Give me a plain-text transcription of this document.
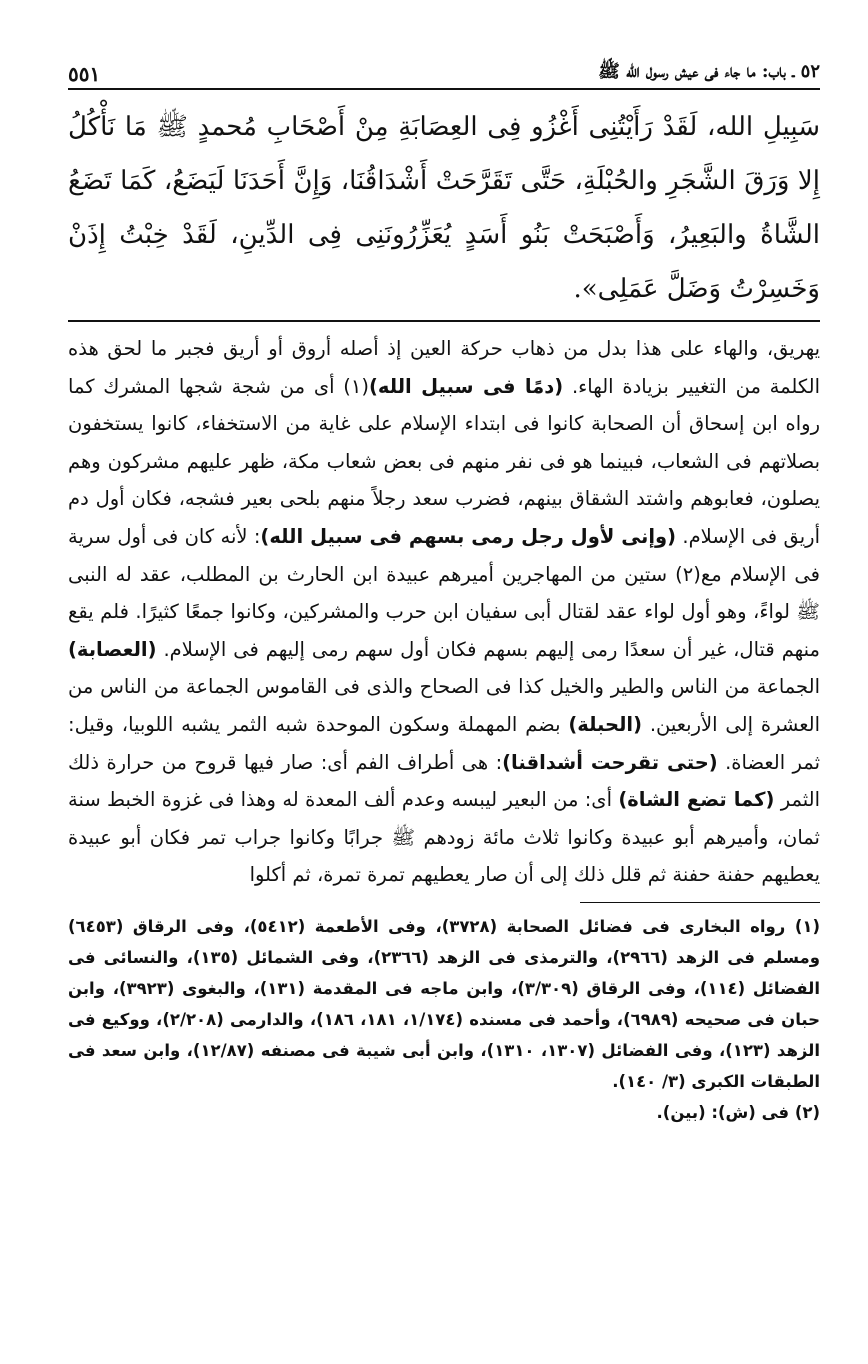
٥٥١	٥٢ ـ باب: ما جاء فى عيش رسول الله ﷺ
سَبِيلِ الله، لَقَدْ رَأَيْتُنِى أَغْزُو فِى العِصَابَةِ مِنْ أَصْحَابِ مُحمدٍ ﷺ مَا نَأْكُلُ إِلا وَرَقَ الشَّجَرِ والحُبْلَةِ، حَتَّى تَقَرَّحَتْ أَشْدَاقُنَا، وَإِنَّ أَحَدَنَا لَيَضَعُ، كَمَا تَضَعُ الشَّاةُ والبَعِيرُ، وَأَصْبَحَتْ بَنُو أَسَدٍ يُعَزِّرُونَنِى فِى الدِّينِ، لَقَدْ خِبْتُ إِذَنْ وَخَسِرْتُ وَضَلَّ عَمَلِى».
يهريق، والهاء على هذا بدل من ذهاب حركة العين إذ أصله أروق أو أريق فجبر ما لحق هذه الكلمة من التغيير بزيادة الهاء. (دمًا فى سبيل الله)(١) أى من شجة شجها المشرك كما رواه ابن إسحاق أن الصحابة كانوا فى ابتداء الإسلام على غاية من الاستخفاء، كانوا يستخفون بصلاتهم فى الشعاب، فبينما هو فى نفر منهم فى بعض شعاب مكة، ظهر عليهم مشركون وهم يصلون، فعابوهم واشتد الشقاق بينهم، فضرب سعد رجلاً منهم بلحى بعير فشجه، فكان أول دم أريق فى الإسلام. (وإنى لأول رجل رمى بسهم فى سبيل الله): لأنه كان فى أول سرية فى الإسلام مع(٢) ستين من المهاجرين أميرهم عبيدة ابن الحارث بن المطلب، عقد له النبى ﷺ لواءً، وهو أول لواء عقد لقتال أبى سفيان ابن حرب والمشركين، وكانوا جمعًا كثيرًا. فلم يقع منهم قتال، غير أن سعدًا رمى إليهم بسهم فكان أول سهم رمى إليهم فى الإسلام. (العصابة) الجماعة من الناس والطير والخيل كذا فى الصحاح والذى فى القاموس الجماعة من الناس من العشرة إلى الأربعين. (الحبلة) بضم المهملة وسكون الموحدة شبه الثمر يشبه اللوبيا، وقيل: ثمر العضاة. (حتى تقرحت أشداقنا): هى أطراف الفم أى: صار فيها قروح من حرارة ذلك الثمر (كما تضع الشاة) أى: من البعير ليبسه وعدم ألف المعدة له وهذا فى غزوة الخبط سنة ثمان، وأميرهم أبو عبيدة وكانوا ثلاث مائة زودهم ﷺ جرابًا وكانوا جراب تمر فكان أبو عبيدة يعطيهم حفنة حفنة ثم قلل ذلك إلى أن صار يعطيهم تمرة تمرة، ثم أكلوا

(١) رواه البخارى فى فضائل الصحابة (٣٧٢٨)، وفى الأطعمة (٥٤١٢)، وفى الرقاق (٦٤٥٣) ومسلم فى الزهد (٢٩٦٦)، والترمذى فى الزهد (٢٣٦٦)، وفى الشمائل (١٣٥)، والنسائى فى الفضائل (١١٤)، وفى الرقاق (٣/٣٠٩)، وابن ماجه فى المقدمة (١٣١)، والبغوى (٣٩٢٣)، وابن حبان فى صحيحه (٦٩٨٩)، وأحمد فى مسنده (١/١٧٤، ١٨١، ١٨٦)، والدارمى (٢/٢٠٨)، ووكيع فى الزهد (١٢٣)، وفى الفضائل (١٣٠٧، ١٣١٠)، وابن أبى شيبة فى مصنفه (١٢/٨٧)، وابن سعد فى الطبقات الكبرى (٣/ ١٤٠).

(٢) فى (ش): (بين).
